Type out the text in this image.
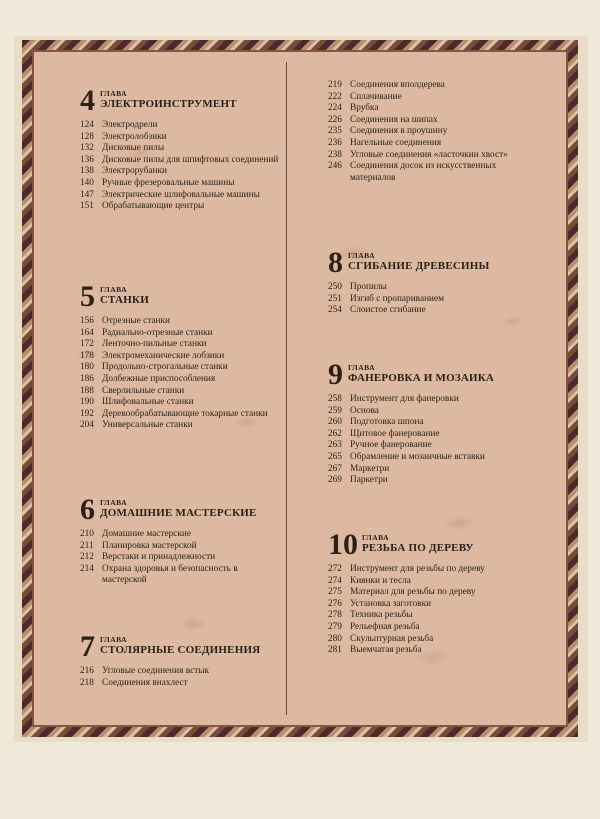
4 ГЛАВА
ЭЛЕКТРОИНСТРУМЕНТ
124 Электродрели
128 Электролобзики
132 Дисковые пилы
136 Дисковые пилы для шпифтовых соединений
138 Электрорубанки
140 Ручные фрезеровальные машины
147 Электрические шлифовальные машины
151 Обрабатывающие центры
5 ГЛАВА
СТАНКИ
156 Отрезные станки
164 Радиально-отрезные станки
172 Ленточно-пильные станки
178 Электромеханические лобзики
180 Продольно-строгальные станки
186 Долбежные приспособления
188 Сверлильные станки
190 Шлифовальные станки
192 Деревообрабатывающие токарные станки
204 Универсальные станки
6 ГЛАВА
ДОМАШНИЕ МАСТЕРСКИЕ
210 Домашние мастерские
211 Планировка мастерской
212 Верстаки и принадлежности
214 Охрана здоровья и безопасность в мастерской
7 ГЛАВА
СТОЛЯРНЫЕ СОЕДИНЕНИЯ
216 Угловые соединения встык
218 Соединения внахлест
219 Соединения вполдерева
222 Сплачивание
224 Врубка
226 Соединения на шипах
235 Соединения в проушину
236 Нагельные соединения
238 Угловые соединения «ласточкин хвост»
246 Соединения досок из искусственных материалов
8 ГЛАВА
СГИБАНИЕ ДРЕВЕСИНЫ
250 Пропилы
251 Изгиб с пропариванием
254 Слоистое сгибание
9 ГЛАВА
ФАНЕРОВКА И МОЗАИКА
258 Инструмент для фанеровки
259 Основа
260 Подготовка шпона
262 Щитовое фанерование
263 Ручное фанерование
265 Обрамление и мозаичные вставки
267 Маркетри
269 Паркетри
10 ГЛАВА
РЕЗЬБА ПО ДЕРЕВУ
272 Инструмент для резьбы по дереву
274 Киянки и тесла
275 Материал для резьбы по дереву
276 Установка заготовки
278 Техника резьбы
279 Рельефная резьба
280 Скульптурная резьба
281 Выемчатая резьба
